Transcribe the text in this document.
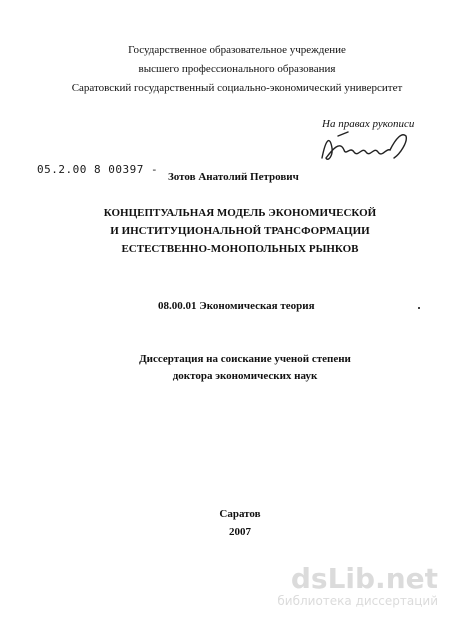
Государственное образовательное учреждение
высшего профессионального образования
Саратовский государственный социально-экономический университет
На правах рукописи
05.2.00 8 00397 -
Зотов Анатолий Петрович
КОНЦЕПТУАЛЬНАЯ МОДЕЛЬ ЭКОНОМИЧЕСКОЙ
И ИНСТИТУЦИОНАЛЬНОЙ ТРАНСФОРМАЦИИ
ЕСТЕСТВЕННО-МОНОПОЛЬНЫХ РЫНКОВ
08.00.01 Экономическая теория
Диссертация на соискание ученой степени
доктора экономических наук
Саратов
2007
dsLib.net
библиотека диссертаций
